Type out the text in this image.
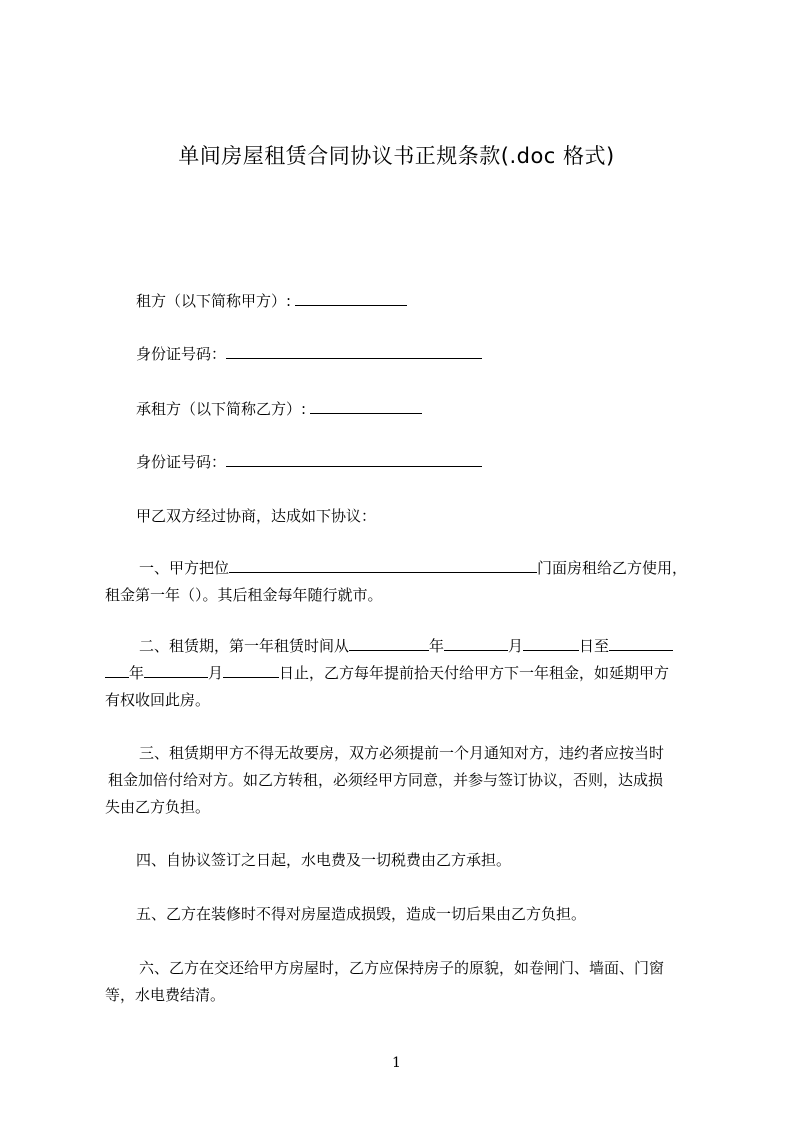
单间房屋租赁合同协议书正规条款(.doc 格式)
租方（以下简称甲方）:
身份证号码：
承租方（以下简称乙方）:
身份证号码：
甲乙双方经过协商，达成如下协议：
一、甲方把位	门面房租给乙方使用，
租金第一年（）。其后租金每年随行就市。
二、租赁期，第一年租赁时间从	年	月	日至
年	月	日止，乙方每年提前拾天付给甲方下一年租金，如延期甲方
有权收回此房。
三、租赁期甲方不得无故要房，双方必须提前一个月通知对方，违约者应按当时
租金加倍付给对方。如乙方转租，必须经甲方同意，并参与签订协议，否则，达成损
失由乙方负担。
四、自协议签订之日起，水电费及一切税费由乙方承担。
五、乙方在装修时不得对房屋造成损毁，造成一切后果由乙方负担。
六、乙方在交还给甲方房屋时，乙方应保持房子的原貌，如卷闸门、墙面、门窗
等，水电费结清。
1
